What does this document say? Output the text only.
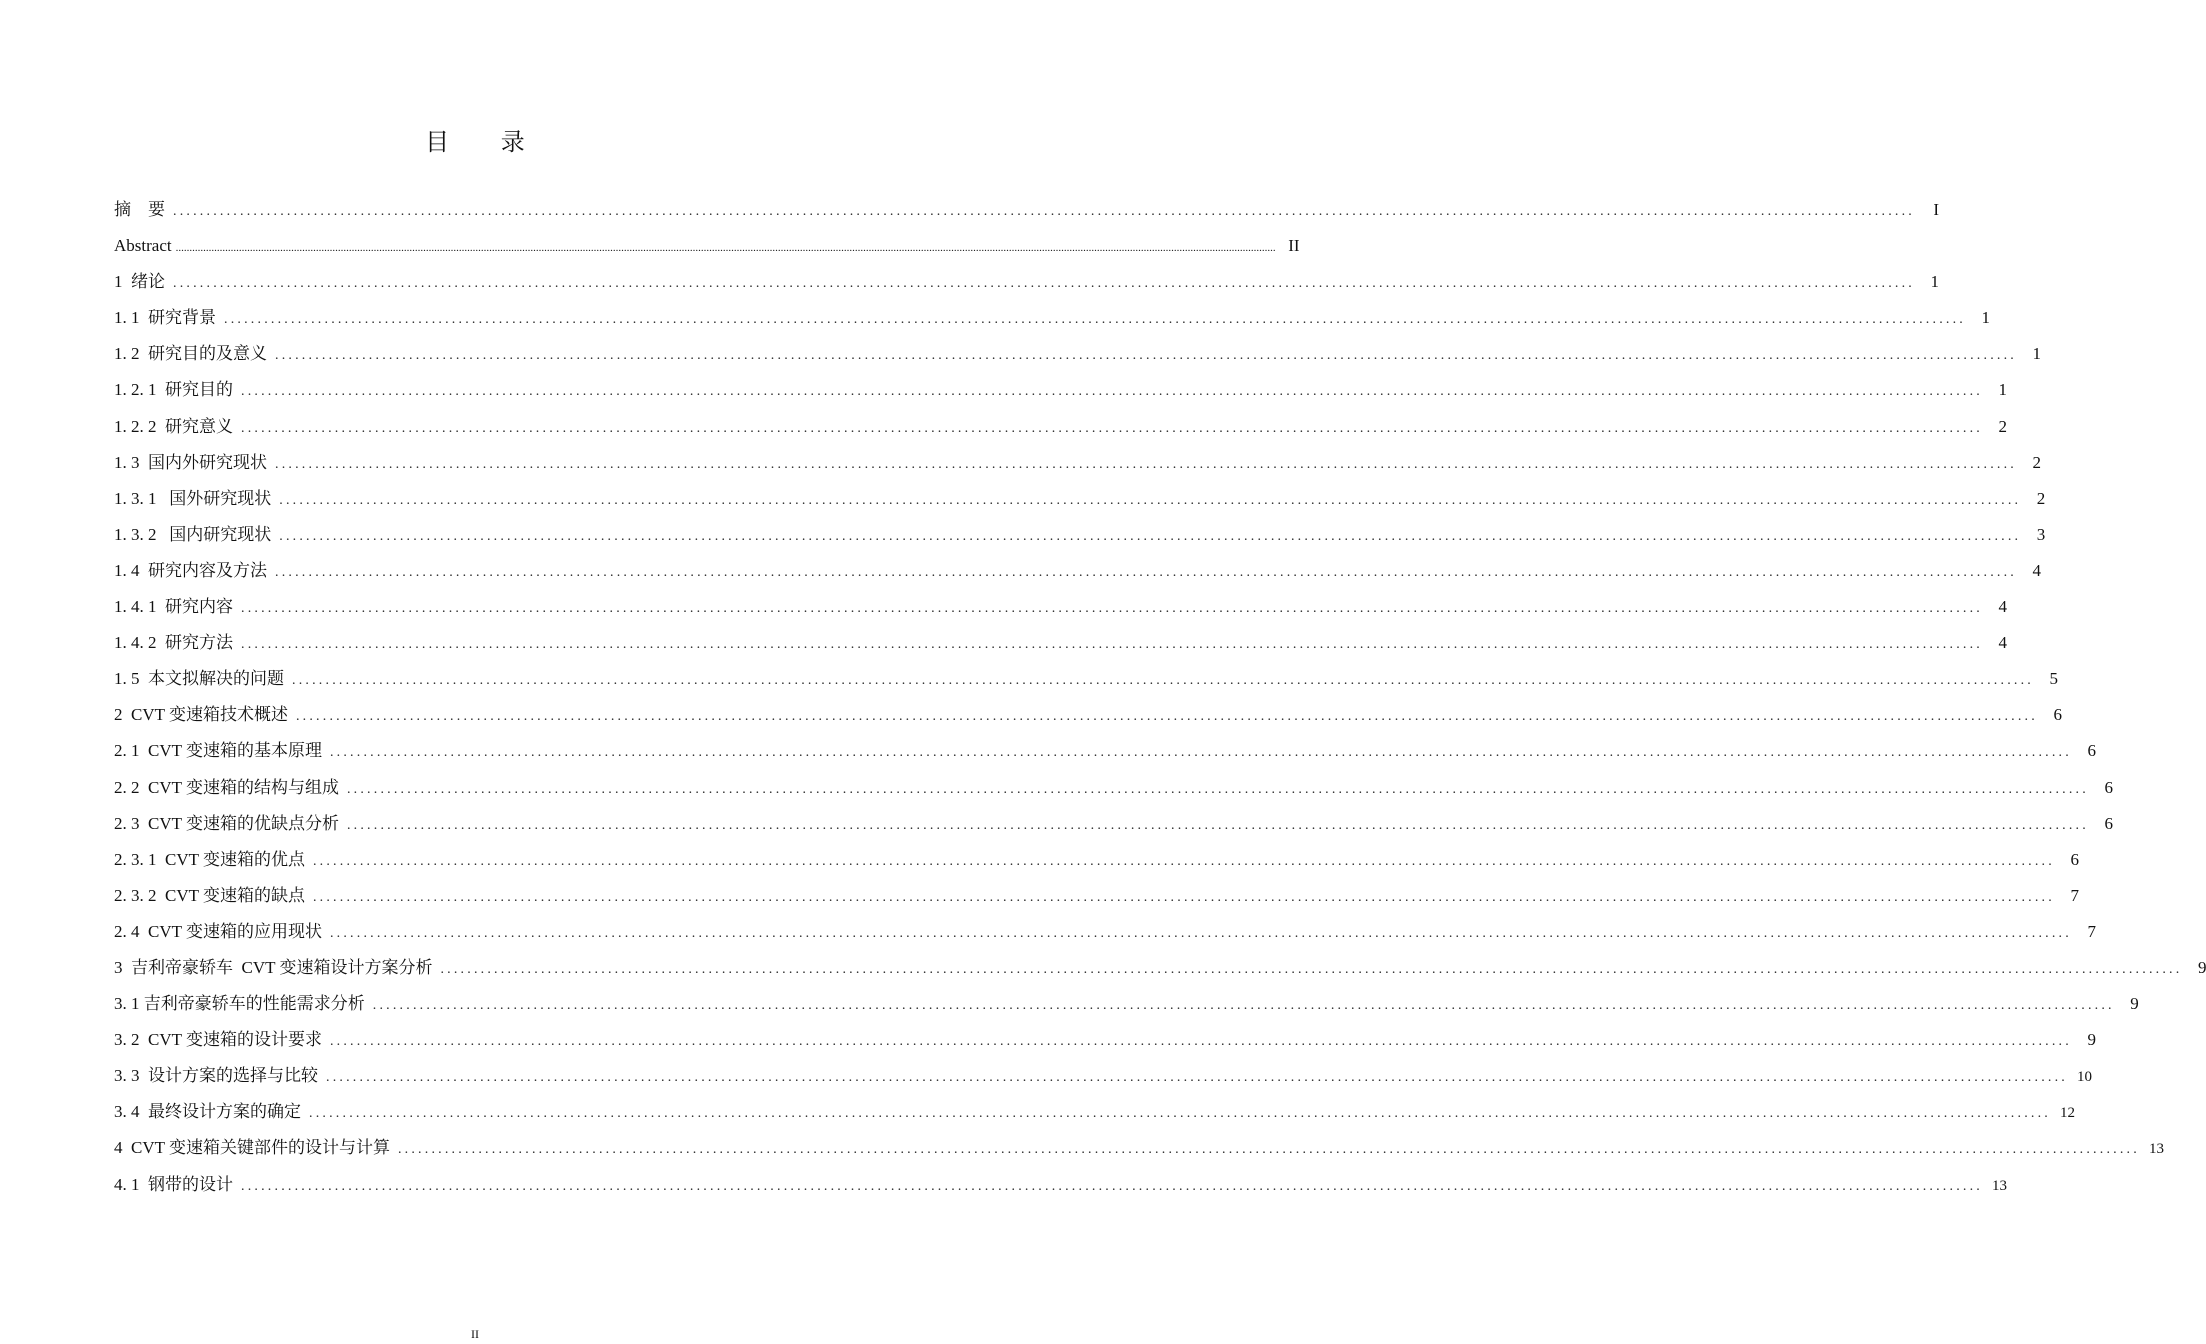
目 录
摘    要 ....................................................................................................................................................................................................................................................................	I
Abstract ................................................................................................................................................................................................................................................................................................................................................................................................................ II
1  绪论 .................................................................................................................................................................................................................................................................... 1
1. 1  研究背景 .................................................................................................................................................................................................................................................................... 1
1. 2  研究目的及意义 .................................................................................................................................................................................................................................................................... 1
1. 2. 1  研究目的 .................................................................................................................................................................................................................................................................... 1
1. 2. 2  研究意义 .................................................................................................................................................................................................................................................................... 2
1. 3  国内外研究现状 .................................................................................................................................................................................................................................................................... 2
1. 3. 1   国外研究现状 .................................................................................................................................................................................................................................................................... 2
1. 3. 2   国内研究现状 .................................................................................................................................................................................................................................................................... 3
1. 4  研究内容及方法 .................................................................................................................................................................................................................................................................... 4
1. 4. 1  研究内容 .................................................................................................................................................................................................................................................................... 4
1. 4. 2  研究方法 .................................................................................................................................................................................................................................................................... 4
1. 5  本文拟解决的问题 .................................................................................................................................................................................................................................................................... 5
2  CVT 变速箱技术概述 .................................................................................................................................................................................................................................................................... 6
2. 1  CVT 变速箱的基本原理 .................................................................................................................................................................................................................................................................... 6
2. 2  CVT 变速箱的结构与组成 .................................................................................................................................................................................................................................................................... 6
2. 3  CVT 变速箱的优缺点分析 .................................................................................................................................................................................................................................................................... 6
2. 3. 1  CVT 变速箱的优点 .................................................................................................................................................................................................................................................................... 6
2. 3. 2  CVT 变速箱的缺点 .................................................................................................................................................................................................................................................................... 7
2. 4  CVT 变速箱的应用现状 .................................................................................................................................................................................................................................................................... 7
3  吉利帝豪轿车  CVT 变速箱设计方案分析 .................................................................................................................................................................................................................................................................... 9
3. 1 吉利帝豪轿车的性能需求分析 .................................................................................................................................................................................................................................................................... 9
3. 2  CVT 变速箱的设计要求 .................................................................................................................................................................................................................................................................... 9
3. 3  设计方案的选择与比较 .................................................................................................................................................................................................................................................................... 10
3. 4  最终设计方案的确定 .................................................................................................................................................................................................................................................................... 12
4  CVT 变速箱关键部件的设计与计算 .................................................................................................................................................................................................................................................................... 13
4. 1  钢带的设计 .................................................................................................................................................................................................................................................................... 13
II
